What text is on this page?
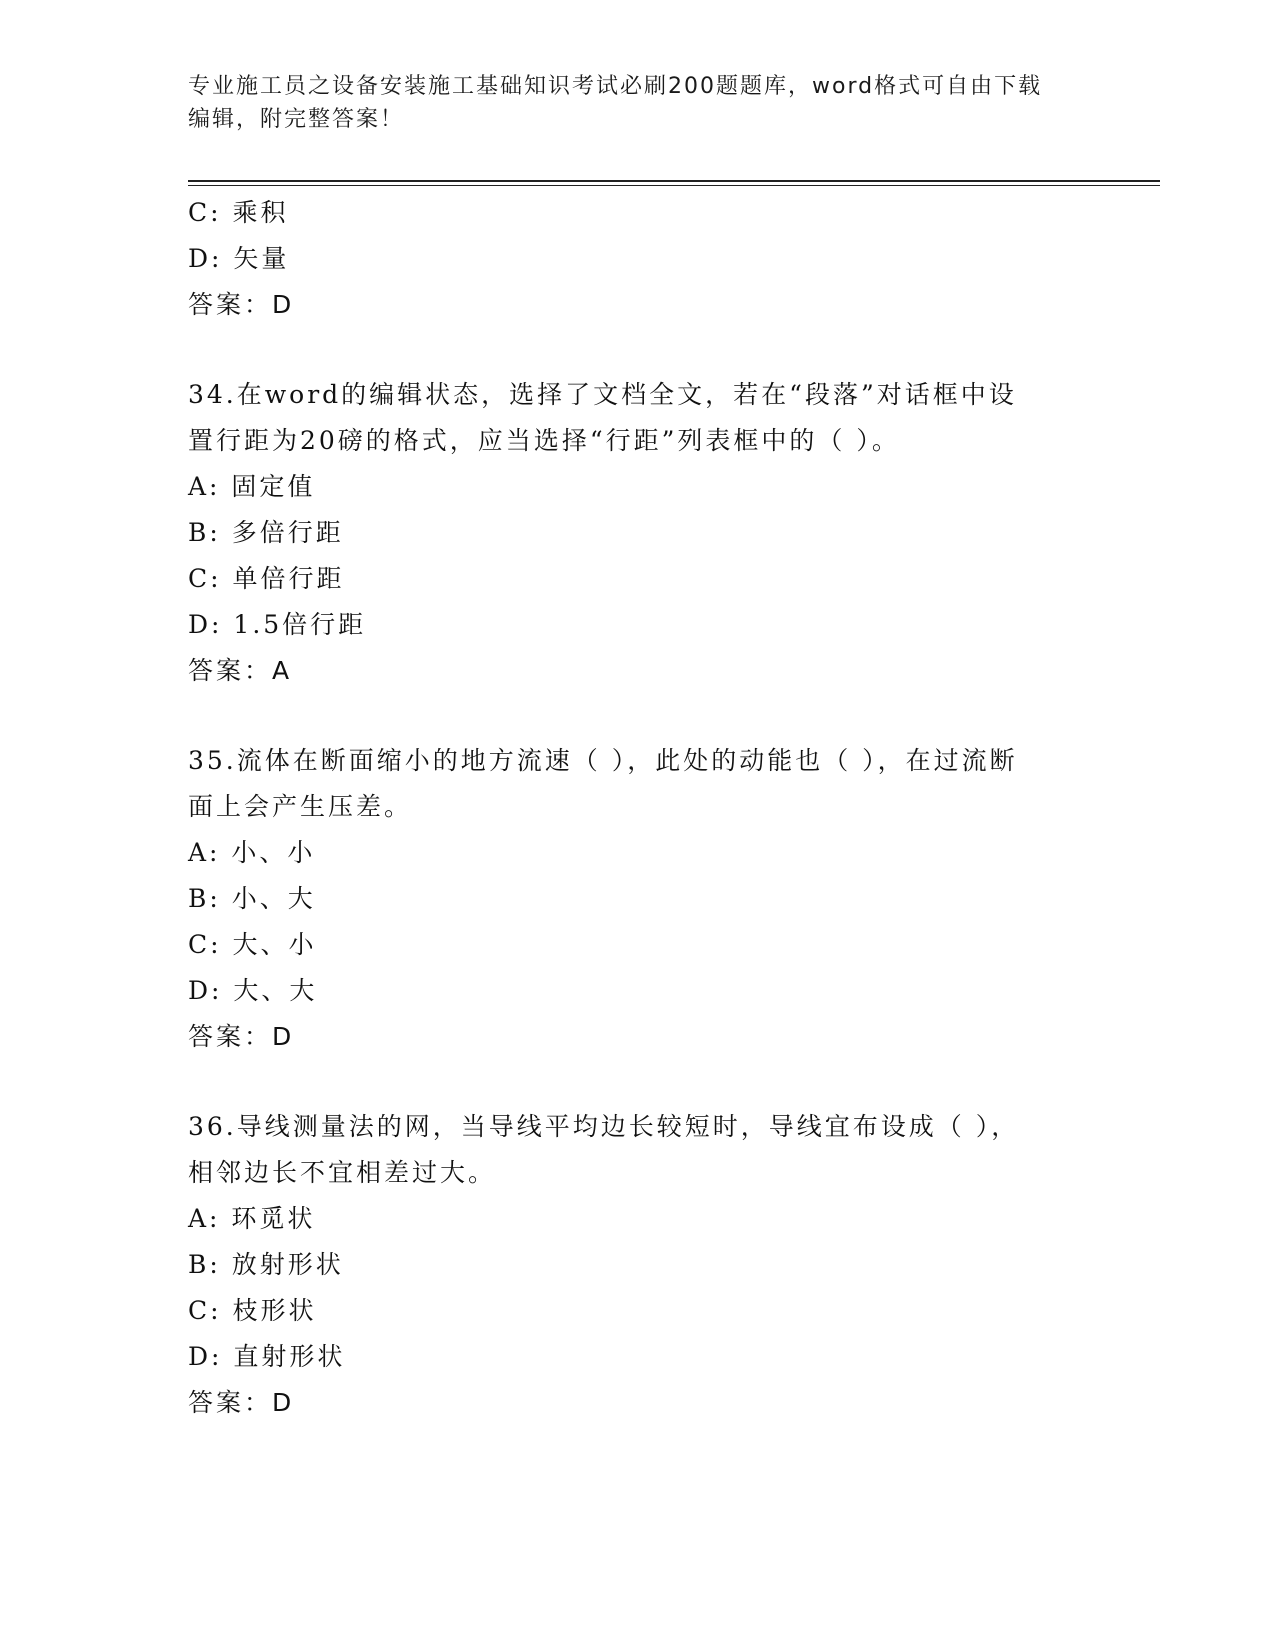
专业施工员之设备安装施工基础知识考试必刷200题题库，word格式可自由下载
编辑，附完整答案！
C: 乘积
D: 矢量
答案：D
34.在word的编辑状态，选择了文档全文，若在“段落”对话框中设
置行距为20磅的格式，应当选择“行距”列表框中的（ ）。
A: 固定值
B: 多倍行距
C: 单倍行距
D: 1.5倍行距
答案：A
35.流体在断面缩小的地方流速（ ），此处的动能也（ ），在过流断
面上会产生压差。
A: 小、小
B: 小、大
C: 大、小
D: 大、大
答案：D
36.导线测量法的网，当导线平均边长较短时，导线宜布设成（ ），
相邻边长不宜相差过大。
A: 环觅状
B: 放射形状
C: 枝形状
D: 直射形状
答案：D
